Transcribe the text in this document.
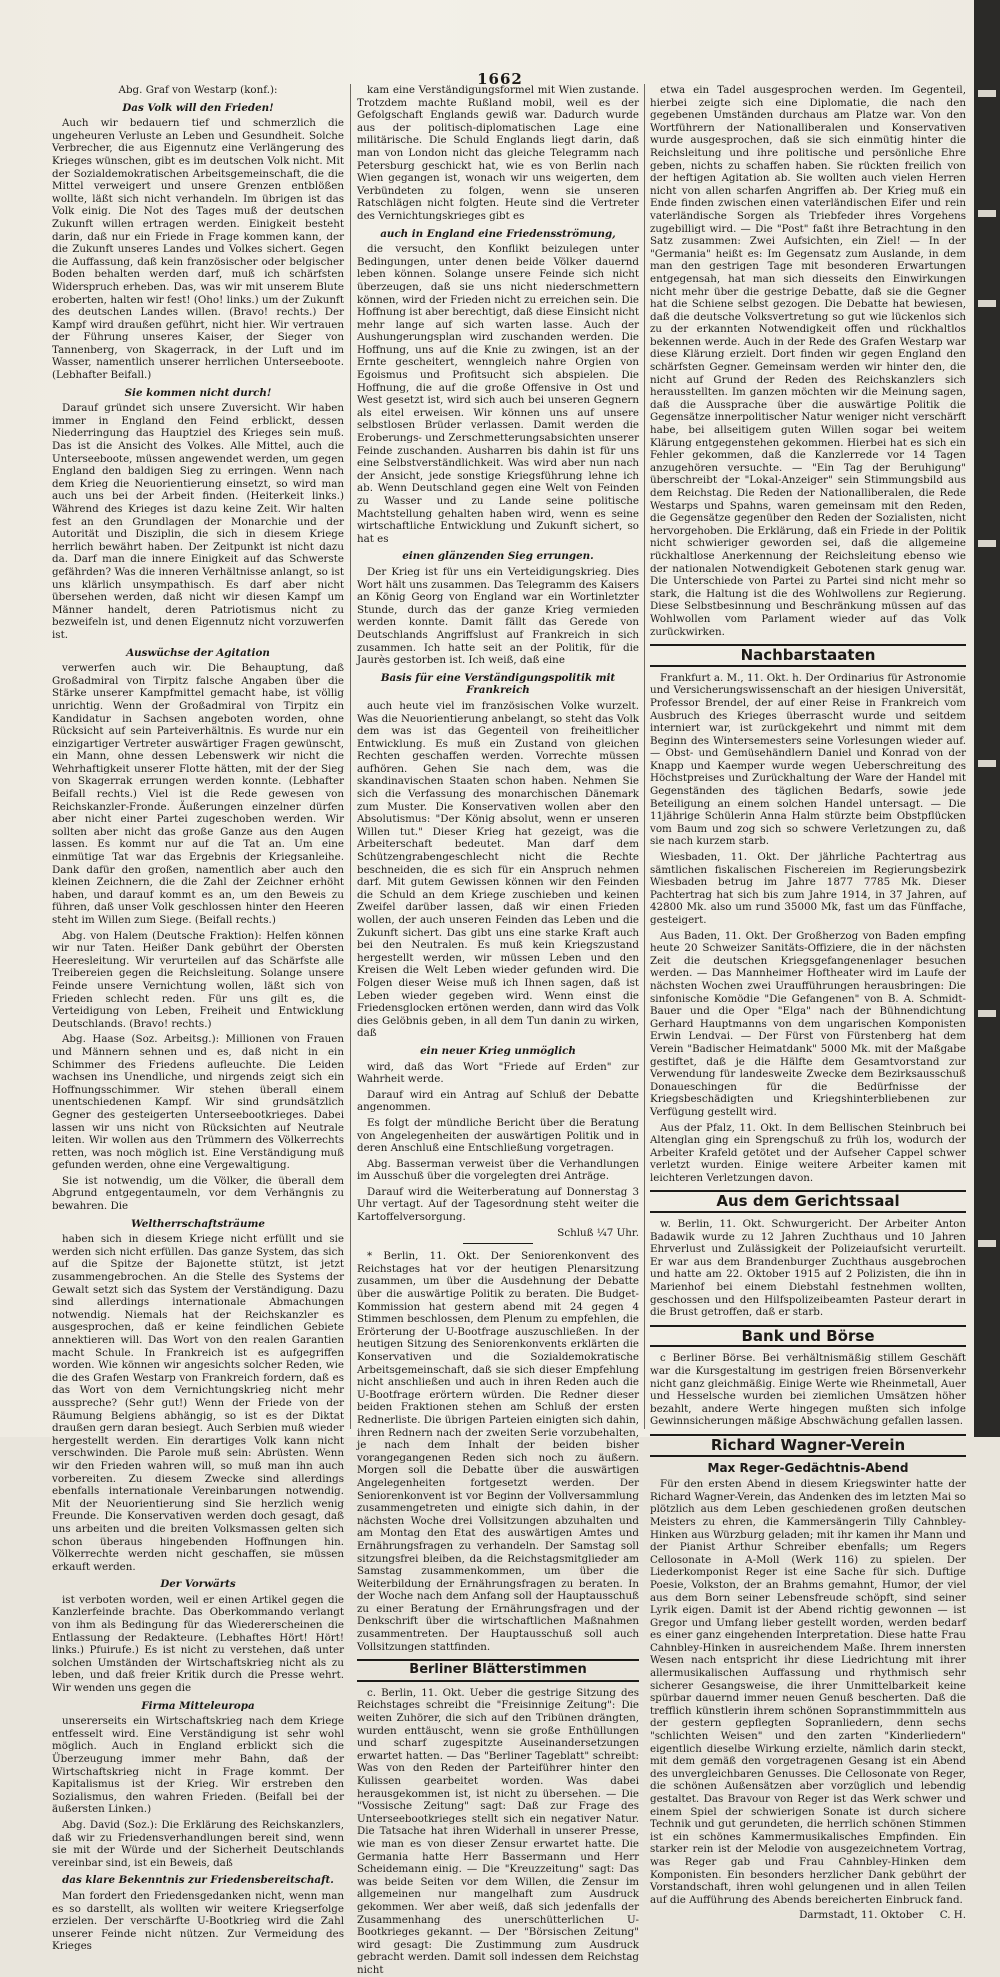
1662

Abg. Graf von Westarp (konf.):

Das Volk will den Frieden!

Auch wir bedauern tief und schmerzlich die ungeheuren Verluste an Leben und Gesundheit. Solche Verbrecher, die aus Eigennutz eine Verlängerung des Krieges wünschen, gibt es im deutschen Volk nicht. Mit der Sozialdemokratischen Arbeitsgemeinschaft, die die Mittel verweigert und unsere Grenzen entblößen wollte, läßt sich nicht verhandeln. Im übrigen ist das Volk einig. Die Not des Tages muß der deutschen Zukunft willen ertragen werden. Einigkeit besteht darin, daß nur ein Friede in Frage kommen kann, der die Zukunft unseres Landes und Volkes sichert. Gegen die Auffassung, daß kein französischer oder belgischer Boden behalten werden darf, muß ich schärfsten Widerspruch erheben. Das, was wir mit unserem Blute eroberten, halten wir fest! (Oho! links.) um der Zukunft des deutschen Landes willen. (Bravo! rechts.) Der Kampf wird draußen geführt, nicht hier. Wir vertrauen der Führung unseres Kaiser, der Sieger von Tannenberg, von Skagerrack, in der Luft und im Wasser, namentlich unserer herrlichen Unterseeboote. (Lebhafter Beifall.)

Sie kommen nicht durch!

Darauf gründet sich unsere Zuversicht. Wir haben immer in England den Feind erblickt, dessen Niederringung das Hauptziel des Krieges sein muß. Das ist die Ansicht des Volkes. Alle Mittel, auch die Unterseeboote, müssen angewendet werden, um gegen England den baldigen Sieg zu erringen. Wenn nach dem Krieg die Neuorientierung einsetzt, so wird man auch uns bei der Arbeit finden. (Heiterkeit links.) Während des Krieges ist dazu keine Zeit. Wir halten fest an den Grundlagen der Monarchie und der Autorität und Disziplin, die sich in diesem Kriege herrlich bewährt haben. Der Zeitpunkt ist nicht dazu da. Darf man die innere Einigkeit auf das Schwerste gefährden? Was die inneren Verhältnisse anlangt, so ist uns klärlich unsympathisch. Es darf aber nicht übersehen werden, daß nicht wir diesen Kampf um Männer handelt, deren Patriotismus nicht zu bezweifeln ist, und denen Eigennutz nicht vorzuwerfen ist.

Auswüchse der Agitation

verwerfen auch wir. Die Behauptung, daß Großadmiral von Tirpitz falsche Angaben über die Stärke unserer Kampfmittel gemacht habe, ist völlig unrichtig. Wenn der Großadmiral von Tirpitz ein Kandidatur in Sachsen angeboten worden, ohne Rücksicht auf sein Parteiverhältnis. Es wurde nur ein einzigartiger Vertreter auswärtiger Fragen gewünscht, ein Mann, ohne dessen Lebenswerk wir nicht die Wehrhaftigkeit unserer Flotte hätten, mit der der Sieg von Skagerrak errungen werden konnte. (Lebhafter Beifall rechts.) Viel ist die Rede gewesen von Reichskanzler-Fronde. Äußerungen einzelner dürfen aber nicht einer Partei zugeschoben werden. Wir sollten aber nicht das große Ganze aus den Augen lassen. Es kommt nur auf die Tat an. Um eine einmütige Tat war das Ergebnis der Kriegsanleihe. Dank dafür den großen, namentlich aber auch den kleinen Zeichnern, die die Zahl der Zeichner erhöht haben, und darauf kommt es an, um den Beweis zu führen, daß unser Volk geschlossen hinter den Heeren steht im Willen zum Siege. (Beifall rechts.)

Abg. von Halem (Deutsche Fraktion): Helfen können wir nur Taten. Heißer Dank gebührt der Obersten Heeresleitung. Wir verurteilen auf das Schärfste alle Treibereien gegen die Reichsleitung. Solange unsere Feinde unsere Vernichtung wollen, läßt sich von Frieden schlecht reden. Für uns gilt es, die Verteidigung von Leben, Freiheit und Entwicklung Deutschlands. (Bravo! rechts.)

Abg. Haase (Soz. Arbeitsg.): Millionen von Frauen und Männern sehnen und es, daß nicht in ein Schimmer des Friedens aufleuchte. Die Leiden wachsen ins Unendliche, und nirgends zeigt sich ein Hoffnungsschimmer. Wir stehen überall einem unentschiedenen Kampf. Wir sind grundsätzlich Gegner des gesteigerten Unterseebootkrieges. Dabei lassen wir uns nicht von Rücksichten auf Neutrale leiten. Wir wollen aus den Trümmern des Völkerrechts retten, was noch möglich ist. Eine Verständigung muß gefunden werden, ohne eine Vergewaltigung.

Sie ist notwendig, um die Völker, die überall dem Abgrund entgegentaumeln, vor dem Verhängnis zu bewahren. Die

Weltherrschaftsträume

haben sich in diesem Kriege nicht erfüllt und sie werden sich nicht erfüllen. Das ganze System, das sich auf die Spitze der Bajonette stützt, ist jetzt zusammengebrochen. An die Stelle des Systems der Gewalt setzt sich das System der Verständigung. Dazu sind allerdings internationale Abmachungen notwendig. Niemals hat der Reichskanzler es ausgesprochen, daß er keine feindlichen Gebiete annektieren will. Das Wort von den realen Garantien macht Schule. In Frankreich ist es aufgegriffen worden. Wie können wir angesichts solcher Reden, wie die des Grafen Westarp von Frankreich fordern, daß es das Wort von dem Vernichtungskrieg nicht mehr ausspreche? (Sehr gut!) Wenn der Friede von der Räumung Belgiens abhängig, so ist es der Diktat draußen gern daran besiegt. Auch Serbien muß wieder hergestellt werden. Ein derartiges Volk kann nicht verschwinden. Die Parole muß sein: Abrüsten. Wenn wir den Frieden wahren will, so muß man ihn auch vorbereiten. Zu diesem Zwecke sind allerdings ebenfalls internationale Vereinbarungen notwendig. Mit der Neuorientierung sind Sie herzlich wenig Freunde. Die Konservativen werden doch gesagt, daß uns arbeiten und die breiten Volksmassen gelten sich schon überaus hingebenden Hoffnungen hin. Völkerrechte werden nicht geschaffen, sie müssen erkauft werden.

Der Vorwärts

ist verboten worden, weil er einen Artikel gegen die Kanzlerfeinde brachte. Das Oberkommando verlangt von ihm als Bedingung für das Wiedererscheinen die Entlassung der Redakteure. (Lebhaftes Hört! Hört! links.) Pfuirufe.) Es ist nicht zu verstehen, daß unter solchen Umständen der Wirtschaftskrieg nicht als zu leben, und daß freier Kritik durch die Presse wehrt. Wir wenden uns gegen die

Firma Mitteleuropa

unsererseits ein Wirtschaftskrieg nach dem Kriege entfesselt wird. Eine Verständigung ist sehr wohl möglich. Auch in England erblickt sich die Überzeugung immer mehr Bahn, daß der Wirtschaftskrieg nicht in Frage kommt. Der Kapitalismus ist der Krieg. Wir erstreben den Sozialismus, den wahren Frieden. (Beifall bei der äußersten Linken.)

Abg. David (Soz.): Die Erklärung des Reichskanzlers, daß wir zu Friedensverhandlungen bereit sind, wenn sie mit der Würde und der Sicherheit Deutschlands vereinbar sind, ist ein Beweis, daß

das klare Bekenntnis zur Friedensbereitschaft.

Man fordert den Friedensgedanken nicht, wenn man es so darstellt, als wollten wir weitere Kriegserfolge erzielen. Der verschärfte U-Bootkrieg wird die Zahl unserer Feinde nicht nützen. Zur Vermeidung des Krieges

kam eine Verständigungsformel mit Wien zustande. Trotzdem machte Rußland mobil, weil es der Gefolgschaft Englands gewiß war. Dadurch wurde aus der politisch-diplomatischen Lage eine militärische. Die Schuld Englands liegt darin, daß man von London nicht das gleiche Telegramm nach Petersburg geschickt hat, wie es von Berlin nach Wien gegangen ist, wonach wir uns weigerten, dem Verbündeten zu folgen, wenn sie unseren Ratschlägen nicht folgten. Heute sind die Vertreter des Vernichtungskrieges gibt es

auch in England eine Friedensströmung,

die versucht, den Konflikt beizulegen unter Bedingungen, unter denen beide Völker dauernd leben können. Solange unsere Feinde sich nicht überzeugen, daß sie uns nicht niederschmettern können, wird der Frieden nicht zu erreichen sein. Die Hoffnung ist aber berechtigt, daß diese Einsicht nicht mehr lange auf sich warten lasse. Auch der Aushungerungsplan wird zuschanden werden. Die Hoffnung, uns auf die Knie zu zwingen, ist an der Ernte gescheitert, wenngleich nahre Orgien von Egoismus und Profitsucht sich abspielen. Die Hoffnung, die auf die große Offensive in Ost und West gesetzt ist, wird sich auch bei unseren Gegnern als eitel erweisen. Wir können uns auf unsere selbstlosen Brüder verlassen. Damit werden die Eroberungs- und Zerschmetterungsabsichten unserer Feinde zuschanden. Ausharren bis dahin ist für uns eine Selbstverständlichkeit. Was wird aber nun nach der Ansicht, jede sonstige Kriegsführung lehne ich ab. Wenn Deutschland gegen eine Welt von Feinden zu Wasser und zu Lande seine politische Machtstellung gehalten haben wird, wenn es seine wirtschaftliche Entwicklung und Zukunft sichert, so hat es

einen glänzenden Sieg errungen.

Der Krieg ist für uns ein Verteidigungskrieg. Dies Wort hält uns zusammen. Das Telegramm des Kaisers an König Georg von England war ein Wortinletzter Stunde, durch das der ganze Krieg vermieden werden konnte. Damit fällt das Gerede von Deutschlands Angriffslust auf Frankreich in sich zusammen. Ich hatte seit an der Politik, für die Jaurès gestorben ist. Ich weiß, daß eine

Basis für eine Verständigungspolitik mit Frankreich

auch heute viel im französischen Volke wurzelt. Was die Neuorientierung anbelangt, so steht das Volk dem was ist das Gegenteil von freiheitlicher Entwicklung. Es muß ein Zustand von gleichen Rechten geschaffen werden. Vorrechte müssen aufhören. Gehen Sie nach dem, was die skandinavischen Staaten schon haben. Nehmen Sie sich die Verfassung des monarchischen Dänemark zum Muster. Die Konservativen wollen aber den Absolutismus: "Der König absolut, wenn er unseren Willen tut." Dieser Krieg hat gezeigt, was die Arbeiterschaft bedeutet. Man darf dem Schützengrabengeschlecht nicht die Rechte beschneiden, die es sich für ein Anspruch nehmen darf. Mit gutem Gewissen können wir den Feinden die Schuld an dem Kriege zuschieben und keinen Zweifel darüber lassen, daß wir einen Frieden wollen, der auch unseren Feinden das Leben und die Zukunft sichert. Das gibt uns eine starke Kraft auch bei den Neutralen. Es muß kein Kriegszustand hergestellt werden, wir müssen Leben und den Kreisen die Welt Leben wieder gefunden wird. Die Folgen dieser Weise muß ich Ihnen sagen, daß ist Leben wieder gegeben wird. Wenn einst die Friedensglocken ertönen werden, dann wird das Volk dies Gelöbnis geben, in all dem Tun danin zu wirken, daß

ein neuer Krieg unmöglich

wird, daß das Wort "Friede auf Erden" zur Wahrheit werde.

Darauf wird ein Antrag auf Schluß der Debatte angenommen.

Es folgt der mündliche Bericht über die Beratung von Angelegenheiten der auswärtigen Politik und in deren Anschluß eine Entschließung vorgetragen.

Abg. Basserman verweist über die Verhandlungen im Ausschuß über die vorgelegten drei Anträge.

Darauf wird die Weiterberatung auf Donnerstag 3 Uhr vertagt. Auf der Tagesordnung steht weiter die Kartoffelversorgung.

Schluß ¼7 Uhr.

* Berlin, 11. Okt. Der Seniorenkonvent des Reichstages hat vor der heutigen Plenarsitzung zusammen, um über die Ausdehnung der Debatte über die auswärtige Politik zu beraten. Die Budget-Kommission hat gestern abend mit 24 gegen 4 Stimmen beschlossen, dem Plenum zu empfehlen, die Erörterung der U-Bootfrage auszuschließen. In der heutigen Sitzung des Seniorenkonvents erklärten die Konservativen und die Sozialdemokratische Arbeitsgemeinschaft, daß sie sich dieser Empfehlung nicht anschließen und auch in ihren Reden auch die U-Bootfrage erörtern würden. Die Redner dieser beiden Fraktionen stehen am Schluß der ersten Rednerliste. Die übrigen Parteien einigten sich dahin, ihren Rednern nach der zweiten Serie vorzubehalten, je nach dem Inhalt der beiden bisher vorangegangenen Reden sich noch zu äußern. Morgen soll die Debatte über die auswärtigen Angelegenheiten fortgesetzt werden. Der Seniorenkonvent ist vor Beginn der Vollversammlung zusammengetreten und einigte sich dahin, in der nächsten Woche drei Vollsitzungen abzuhalten und am Montag den Etat des auswärtigen Amtes und Ernährungsfragen zu verhandeln. Der Samstag soll sitzungsfrei bleiben, da die Reichstagsmitglieder am Samstag zusammenkommen, um über die Weiterbildung der Ernährungsfragen zu beraten. In der Woche nach dem Anfang soll der Hauptausschuß zu einer Beratung der Ernährungsfragen und der Denkschrift über die wirtschaftlichen Maßnahmen zusammentreten. Der Hauptausschuß soll auch Vollsitzungen stattfinden.

Berliner Blätterstimmen

c. Berlin, 11. Okt. Ueber die gestrige Sitzung des Reichstages schreibt die "Freisinnige Zeitung": Die weiten Zuhörer, die sich auf den Tribünen drängten, wurden enttäuscht, wenn sie große Enthüllungen und scharf zugespitzte Auseinandersetzungen erwartet hatten. — Das "Berliner Tageblatt" schreibt: Was von den Reden der Parteiführer hinter den Kulissen gearbeitet worden. Was dabei herausgekommen ist, ist nicht zu übersehen. — Die "Vossische Zeitung" sagt: Daß zur Frage des Unterseebootkrieges stellt sich ein negativer Natur. Die Tatsache hat ihren Widerhall in unserer Presse, wie man es von dieser Zensur erwartet hatte. Die Germania hatte Herr Bassermann und Herr Scheidemann einig. — Die "Kreuzzeitung" sagt: Das was beide Seiten vor dem Willen, die Zensur im allgemeinen nur mangelhaft zum Ausdruck gekommen. Wer aber weiß, daß sich jedenfalls der Zusammenhang des unerschütterlichen U-Bootkrieges gekannt. — Der "Börsischen Zeitung" wird gesagt: Die Zustimmung zum Ausdruck gebracht werden. Damit soll indessen dem Reichstag nicht

etwa ein Tadel ausgesprochen werden. Im Gegenteil, hierbei zeigte sich eine Diplomatie, die nach den gegebenen Umständen durchaus am Platze war. Von den Wortführern der Nationalliberalen und Konservativen wurde ausgesprochen, daß sie sich einmütig hinter die Reichsleitung und ihre politische und persönliche Ehre geben, nichts zu schaffen haben. Sie rückten freilich von der heftigen Agitation ab. Sie wollten auch vielen Herren nicht von allen scharfen Angriffen ab. Der Krieg muß ein Ende finden zwischen einen vaterländischen Eifer und rein vaterländische Sorgen als Triebfeder ihres Vorgehens zugebilligt wird. — Die "Post" faßt ihre Betrachtung in den Satz zusammen: Zwei Aufsichten, ein Ziel! — In der "Germania" heißt es: Im Gegensatz zum Auslande, in dem man den gestrigen Tage mit besonderen Erwartungen entgegensah, hat man sich diesseits den Einwirkungen nicht mehr über die gestrige Debatte, daß sie die Gegner hat die Schiene selbst gezogen. Die Debatte hat bewiesen, daß die deutsche Volksvertretung so gut wie lückenlos sich zu der erkannten Notwendigkeit offen und rückhaltlos bekennen werde. Auch in der Rede des Grafen Westarp war diese Klärung erzielt. Dort finden wir gegen England den schärfsten Gegner. Gemeinsam werden wir hinter den, die nicht auf Grund der Reden des Reichskanzlers sich herausstellten. Im ganzen möchten wir die Meinung sagen, daß die Aussprache über die auswärtige Politik die Gegensätze innerpolitischer Natur weniger nicht verschärft habe, bei allseitigem guten Willen sogar bei weitem Klärung entgegenstehen gekommen. Hierbei hat es sich ein Fehler gekommen, daß die Kanzlerrede vor 14 Tagen anzugehören versuchte. — "Ein Tag der Beruhigung" überschreibt der "Lokal-Anzeiger" sein Stimmungsbild aus dem Reichstag. Die Reden der Nationalliberalen, die Rede Westarps und Spahns, waren gemeinsam mit den Reden, die Gegensätze gegenüber den Reden der Sozialisten, nicht hervorgehoben. Die Erklärung, daß ein Friede in der Politik nicht schwieriger geworden sei, daß die allgemeine rückhaltlose Anerkennung der Reichsleitung ebenso wie der nationalen Notwendigkeit Gebotenen stark genug war. Die Unterschiede von Partei zu Partei sind nicht mehr so stark, die Haltung ist die des Wohlwollens zur Regierung. Diese Selbstbesinnung und Beschränkung müssen auf das Wohlwollen vom Parlament wieder auf das Volk zurückwirken.

Nachbarstaaten

Frankfurt a. M., 11. Okt. h. Der Ordinarius für Astronomie und Versicherungswissenschaft an der hiesigen Universität, Professor Brendel, der auf einer Reise in Frankreich vom Ausbruch des Krieges überrascht wurde und seitdem interniert war, ist zurückgekehrt und nimmt mit dem Beginn des Wintersemesters seine Vorlesungen wieder auf. — Obst- und Gemüsehändlern Daniel und Konrad von der Knapp und Kaemper wurde wegen Ueberschreitung des Höchstpreises und Zurückhaltung der Ware der Handel mit Gegenständen des täglichen Bedarfs, sowie jede Beteiligung an einem solchen Handel untersagt. — Die 11jährige Schülerin Anna Halm stürzte beim Obstpflücken vom Baum und zog sich so schwere Verletzungen zu, daß sie nach kurzem starb.

Wiesbaden, 11. Okt. Der jährliche Pachtertrag aus sämtlichen fiskalischen Fischereien im Regierungsbezirk Wiesbaden betrug im Jahre 1877 7785 Mk. Dieser Pachtertrag hat sich bis zum Jahre 1914, in 37 Jahren, auf 42800 Mk. also um rund 35000 Mk, fast um das Fünffache, gesteigert.

Aus Baden, 11. Okt. Der Großherzog von Baden empfing heute 20 Schweizer Sanitäts-Offiziere, die in der nächsten Zeit die deutschen Kriegsgefangenenlager besuchen werden. — Das Mannheimer Hoftheater wird im Laufe der nächsten Wochen zwei Uraufführungen herausbringen: Die sinfonische Komödie "Die Gefangenen" von B. A. Schmidt-Bauer und die Oper "Elga" nach der Bühnendichtung Gerhard Hauptmanns von dem ungarischen Komponisten Erwin Lendvai. — Der Fürst von Fürstenberg hat dem Verein "Badischer Heimatdank" 5000 Mk. mit der Maßgabe gestiftet, daß je die Hälfte dem Gesamtvorstand zur Verwendung für landesweite Zwecke dem Bezirksausschuß Donaueschingen für die Bedürfnisse der Kriegsbeschädigten und Kriegshinterbliebenen zur Verfügung gestellt wird.

Aus der Pfalz, 11. Okt. In dem Bellischen Steinbruch bei Altenglan ging ein Sprengschuß zu früh los, wodurch der Arbeiter Krafeld getötet und der Aufseher Cappel schwer verletzt wurden. Einige weitere Arbeiter kamen mit leichteren Verletzungen davon.

Aus dem Gerichtssaal

w. Berlin, 11. Okt. Schwurgericht. Der Arbeiter Anton Badawik wurde zu 12 Jahren Zuchthaus und 10 Jahren Ehrverlust und Zulässigkeit der Polizeiaufsicht verurteilt. Er war aus dem Brandenburger Zuchthaus ausgebrochen und hatte am 22. Oktober 1915 auf 2 Polizisten, die ihn in Marienhof bei einem Diebstahl festnehmen wollten, geschossen und den Hilfspolizeibeamten Pasteur derart in die Brust getroffen, daß er starb.

Bank und Börse

c Berliner Börse. Bei verhältnismäßig stillem Geschäft war die Kursgestaltung im gestrigen freien Börsenverkehr nicht ganz gleichmäßig. Einige Werte wie Rheinmetall, Auer und Hesselsche wurden bei ziemlichen Umsätzen höher bezahlt, andere Werte hingegen mußten sich infolge Gewinnsicherungen mäßige Abschwächung gefallen lassen.

Richard Wagner-Verein
Max Reger-Gedächtnis-Abend

Für den ersten Abend in diesem Kriegswinter hatte der Richard Wagner-Verein, das Andenken des im letzten Mai so plötzlich aus dem Leben geschiedenen großen deutschen Meisters zu ehren, die Kammersängerin Tilly Cahnbley-Hinken aus Würzburg geladen; mit ihr kamen ihr Mann und der Pianist Arthur Schreiber ebenfalls; um Regers Cellosonate in A-Moll (Werk 116) zu spielen. Der Liederkomponist Reger ist eine Sache für sich. Duftige Poesie, Volkston, der an Brahms gemahnt, Humor, der viel aus dem Born seiner Lebensfreude schöpft, sind seiner Lyrik eigen. Damit ist der Abend richtig gewonnen — ist Gregor und Umfang lieber gestellt worden, werden bedarf es einer ganz eingehenden Interpretation. Diese hatte Frau Cahnbley-Hinken in ausreichendem Maße. Ihrem innersten Wesen nach entspricht ihr diese Liedrichtung mit ihrer allermusikalischen Auffassung und rhythmisch sehr sicherer Gesangsweise, die ihrer Unmittelbarkeit keine spürbar dauernd immer neuen Genuß bescherten. Daß die trefflich künstlerin ihrem schönen Sopranstimmmitteln aus der gestern gepflegten Sopranliedern, denn sechs "schlichten Weisen" und den zarten "Kinderliedern" eigentlich dieselbe Wirkung erzielte, nämlich darin steckt, mit dem gemäß den vorgetragenen Gesang ist ein Abend des unvergleichbaren Genusses. Die Cellosonate von Reger, die schönen Außensätzen aber vorzüglich und lebendig gestaltet. Das Bravour von Reger ist das Werk schwer und einem Spiel der schwierigen Sonate ist durch sichere Technik und gut gerundeten, die herrlich schönen Stimmen ist ein schönes Kammermusikalisches Empfinden. Ein starker rein ist der Melodie von ausgezeichnetem Vortrag, was Reger gab und Frau Cahnbley-Hinken dem Komponisten. Ein besonders herzlicher Dank gebührt der Vorstandschaft, ihren wohl gelungenen und in allen Teilen auf die Aufführung des Abends bereicherten Einbruck fand.

Darmstadt, 11. Oktober C. H.
